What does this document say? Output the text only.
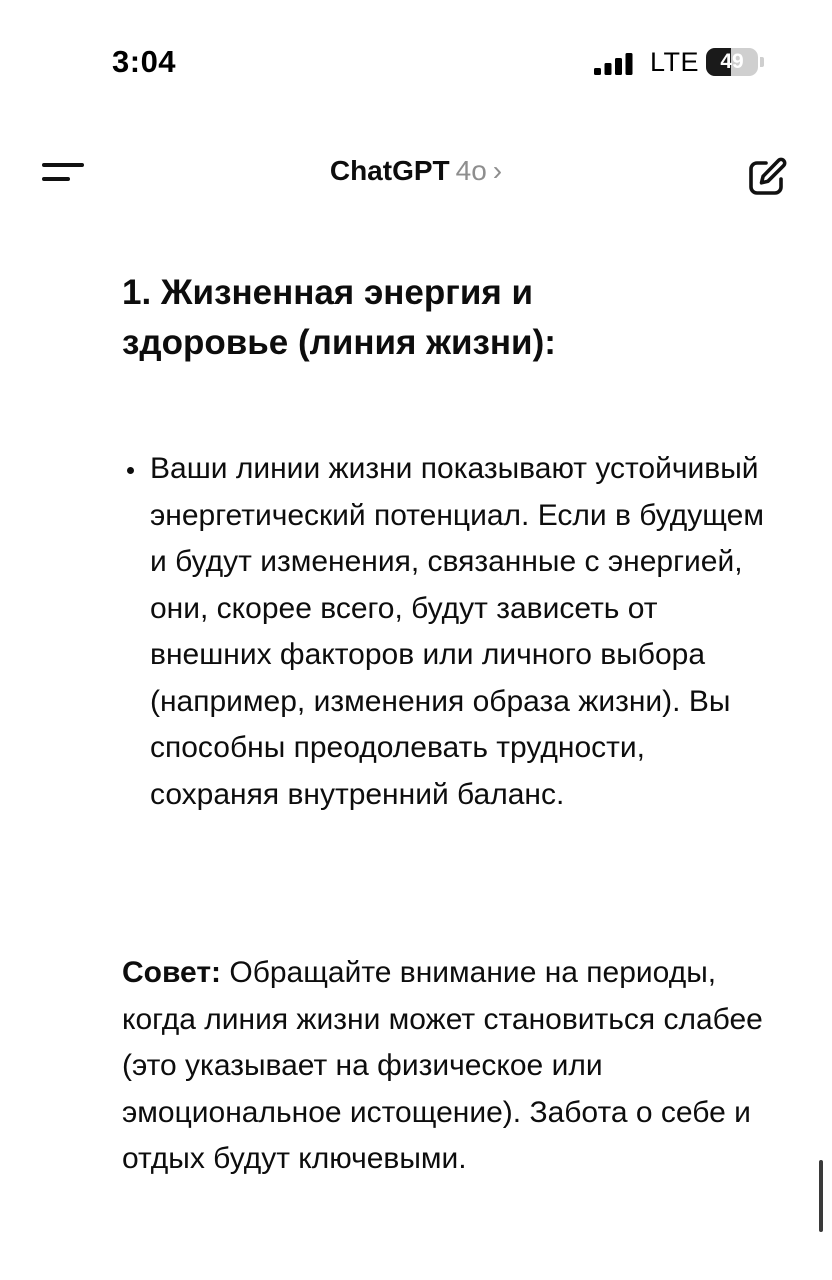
3:04	LTE	49
ChatGPT 4o ›
1. Жизненная энергия и здоровье (линия жизни):
Ваши линии жизни показывают устойчивый энергетический потенциал. Если в будущем и будут изменения, связанные с энергией, они, скорее всего, будут зависеть от внешних факторов или личного выбора (например, изменения образа жизни). Вы способны преодолевать трудности, сохраняя внутренний баланс.

Совет: Обращайте внимание на периоды, когда линия жизни может становиться слабее (это указывает на физическое или эмоциональное истощение). Забота о себе и отдых будут ключевыми.
